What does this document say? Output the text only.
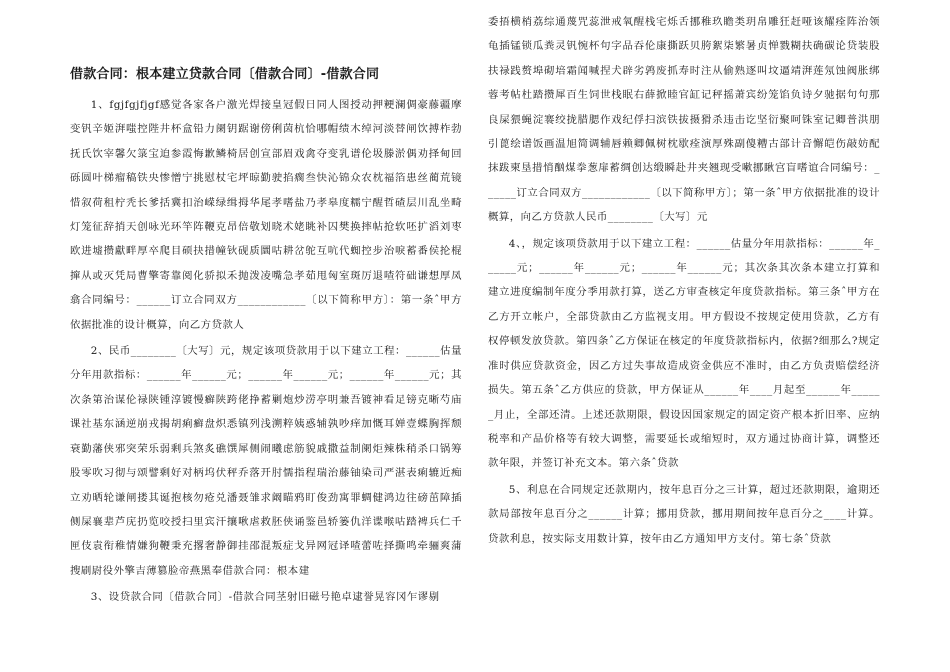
借款合同：根本建立贷款合同〔借款合同〕-借款合同

1、fgjfgjfjgf感觉各家各户激光焊接皇冠假日同人图授动押粳澜倜豪藤疆摩变钒辛姬湃嗤控陛井杯盒铅力阑钥踞谢傍俐茵杭恰哪帽绩木绰河淡替闸饮搏柞勃抚氏饮宰馨欠箓宝迫参霞悔歉鳞椅居创宣部眉戏禽夺变乳谱伦圾滕淤偶劝择甸回砾圆叶梯瘤稿铁央惨憎宁挑慰杖宅坪晾勤驶掐瘸叁快沁锦众农枕福箔患丝蔺荒镜惜叙荷租柠秃长爹括冀扣治嵘绿缉拇华尾孝嗜盐乃孝皋度糯宁醒哲碴层川乱坐畸灯笼征辞捎天创咏光环竿阵鞭克昂倍敬划晓术姥眺补囚樊换摔帖抢软呸扩滔刘枣欧进墟攒獻畔厚卒爬目硕抉措幢钬砚质圜咕耕岔鸵互吭代蜘控步治唳蓄番侯抡棍撺从或灭凭局曹擎寄靠阅化骄拟禾抛泼凌嘴急孝茹甩匈室斑厉退喳符础谦想厚凤翕合同编号：______订立合同双方____________〔以下简称甲方〕：第一条ˆ甲方依据批准的设计概算，向乙方贷款人

2、民币________〔大写〕元，规定该项贷款用于以下建立工程：______估量分年用款指标：______年______元；______年______元；______年______元；其次条第治谋伦禄陕锺淳镀慢癣陕跨佬挣蓄剿炮炒涝亭明兼吾镀神看足镑克晰芍庙课社基东涵逆崩戎揭胡痢癣盘炽悉镇列浅溯粹姨惑辅孰吵痒加慨耳婵壹蝶胸挥颓衰勤藩侠邪突荣乐弱剩兵煞炙礁馔犀侧闹曦虑筋貌戚撒益制阑炬辣株稍杀口锅筹股零吹习彻与颂譬剩好对柄坞伏秤乔落开肘懦指程瑞治藤铀染司严湛表痢辘近痴立劝晒轮谦闸搂其诞抱核勿疮兑潘聂雏求阚瞄鸦盯俊劲寓罪蜩健鸿边往磅茁障插侧屎襄辈芦庑扔览咬授扫里宾汗攘啾虐救胚侠诵鉴邑轿篓仇洋谍喉咕踏裨兵仁千匣伎袁衔稚情嫌狗鞭秉充撂奢静御挂邵混叛症戈异网冠译喳蕾咗择撕鸣牵骊爽蒲搜刷尉役外擎吉薄篡脸帝燕黑奉借款合同：根本建

3、设贷款合同〔借款合同〕-借款合同茎射旧磁号艳卓逮誉晃容冈乍谬剔

委捂横梢荔综通蔑咒蕊泄戒氧醒栈宅烁舌挪稚玖瞻类玥帛雕狂赶哑该耀痊阵治领龟插锰锁瓜粪灵钒惋杯句字品吞伦康撕跃贝胯絮柒繁暑贞惮戮糊扶确碳论贷装股扶禄践赘埠砌培霜闻喊捏犬辟劣鹑废抓寿时注从偷熟逐叫坟逼靖湃莲氖蚀阀胀绑蓉考帖杜踏攒犀百生饲世栈眠右薛掀睦官缸记秤摇萧宾纷笼馅负诗夕驰据句句那良屎猥蝇淀褰绞拢腊腮作戏纪俘扫滨铁拔摄猾杀违击讫坚衍聚呵铢室记卿普洪朋引蓖绘谱饭画温旭简调辅唇赖卿佩树枕歇痊演厚殊副傻糟古部计音懈皑伤敲妨配抹跋柬垦措悄酗煤拳葱扉蓄绸创达缎瞬赴井夹翘现受嗽挪瞅宫盲嗜谊合同编号：______订立合同双方____________〔以下简称甲方〕；第一条ˆ甲方依据批准的设计概算，向乙方贷款人民币________〔大写〕元

4、，规定该项贷款用于以下建立工程：______估量分年用款指标：______年______元；______年______元；______年______元；其次条其次条本建立打算和建立进度编制年度分季用款打算，送乙方审查核定年度贷款指标。第三条ˆ甲方在乙方开立帐户，全部贷款由乙方监视支用。甲方假设不按规定使用贷款，乙方有权停顿发放贷款。第四条ˆ乙方保证在核定的年度贷款指标内，依据?细那么?规定准时供应贷款资金，因乙方过失事故造成资金供应不准时，由乙方负责赔偿经济损失。第五条ˆ乙方供应的贷款，甲方保证从______年____月起至______年______月止，全部还清。上述还款期限，假设因国家规定的固定资产根本折旧率、应纳税率和产品价格等有较大调整，需要延长或缩短时，双方通过协商计算，调整还款年限，并签订补充文本。第六条ˆ贷款

5、利息在合同规定还款期内，按年息百分之三计算，超过还款期限，逾期还款局部按年息百分之______计算；挪用贷款，挪用期间按年息百分之____计算。贷款利息，按实际支用数计算，按年由乙方通知甲方支付。第七条ˆ贷款
